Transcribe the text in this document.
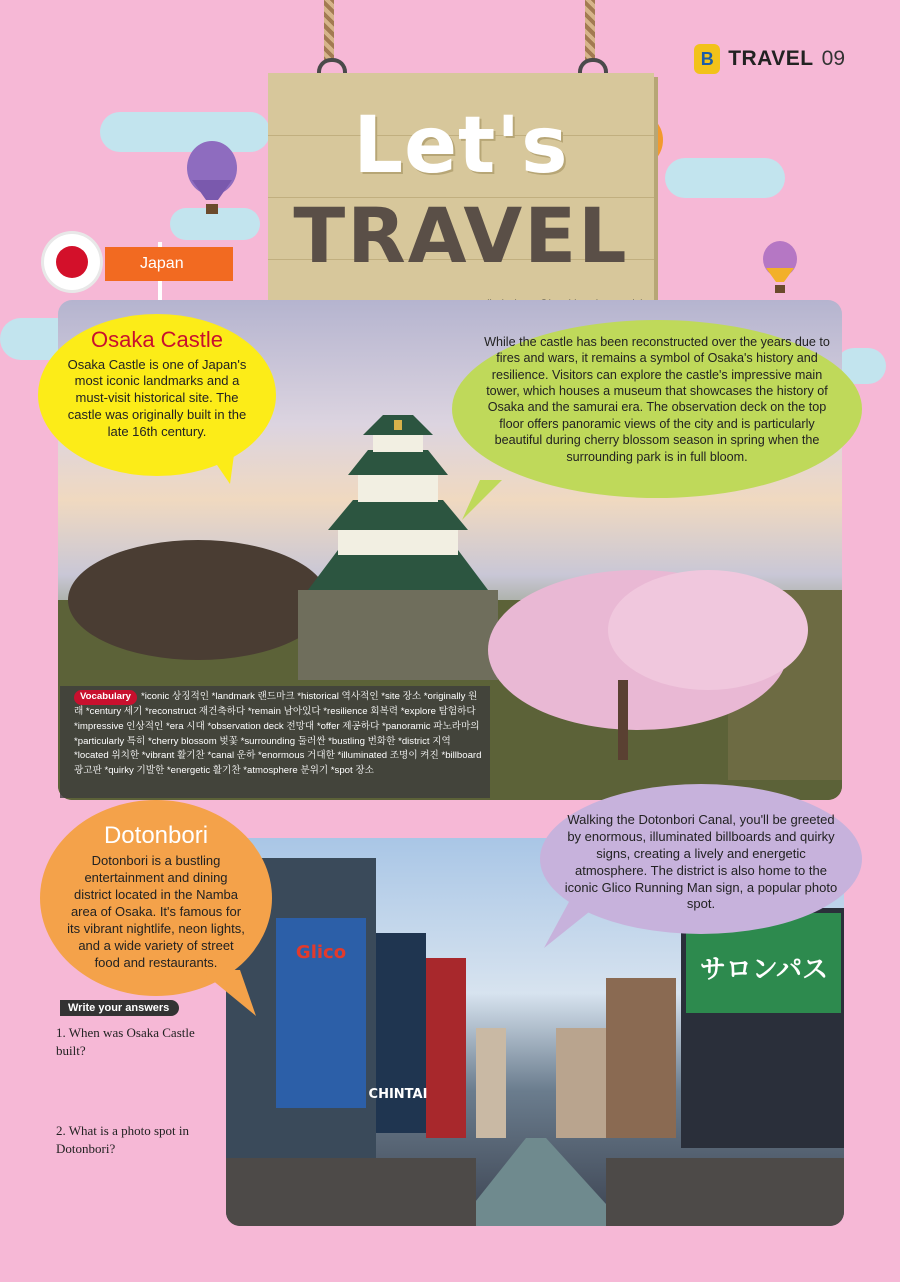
B TRAVEL 09
Let's
TRAVEL
Japan
Osaka Castle
Osaka Castle is one of Japan's most iconic landmarks and a must-visit historical site. The castle was originally built in the late 16th century.
While the castle has been reconstructed over the years due to fires and wars, it remains a symbol of Osaka's history and resilience. Visitors can explore the castle's impressive main tower, which houses a museum that showcases the history of Osaka and the samurai era. The observation deck on the top floor offers panoramic views of the city and is particularly beautiful during cherry blossom season in spring when the surrounding park is in full bloom.
Vocabulary *iconic 상징적인 *landmark 랜드마크 *historical 역사적인 *site 장소 *originally 원래 *century 세기 *reconstruct 재건축하다 *remain 남아있다 *resilience 회복력 *explore 탐험하다 *impressive 인상적인 *era 시대 *observation deck 전망대 *offer 제공하다 *panoramic 파노라마의 *particularly 특히 *cherry blossom 벚꽃 *surrounding 둘러싼 *bustling 번화한 *district 지역 *located 위치한 *vibrant 활기찬 *canal 운하 *enormous 거대한 *illuminated 조명이 켜진 *billboard 광고판 *quirky 기발한 *energetic 활기찬 *atmosphere 분위기 *spot 장소
Glico
CHINTAI
サロンパス
Dotonbori
Dotonbori is a bustling entertainment and dining district located in the Namba area of Osaka. It's famous for its vibrant nightlife, neon lights, and a wide variety of street food and restaurants.
Walking the Dotonbori Canal, you'll be greeted by enormous, illuminated billboards and quirky signs, creating a lively and energetic atmosphere. The district is also home to the iconic Glico Running Man sign, a popular photo spot.
Write your answers
1. When was Osaka Castle built?
2. What is a photo spot in Dotonbori?
